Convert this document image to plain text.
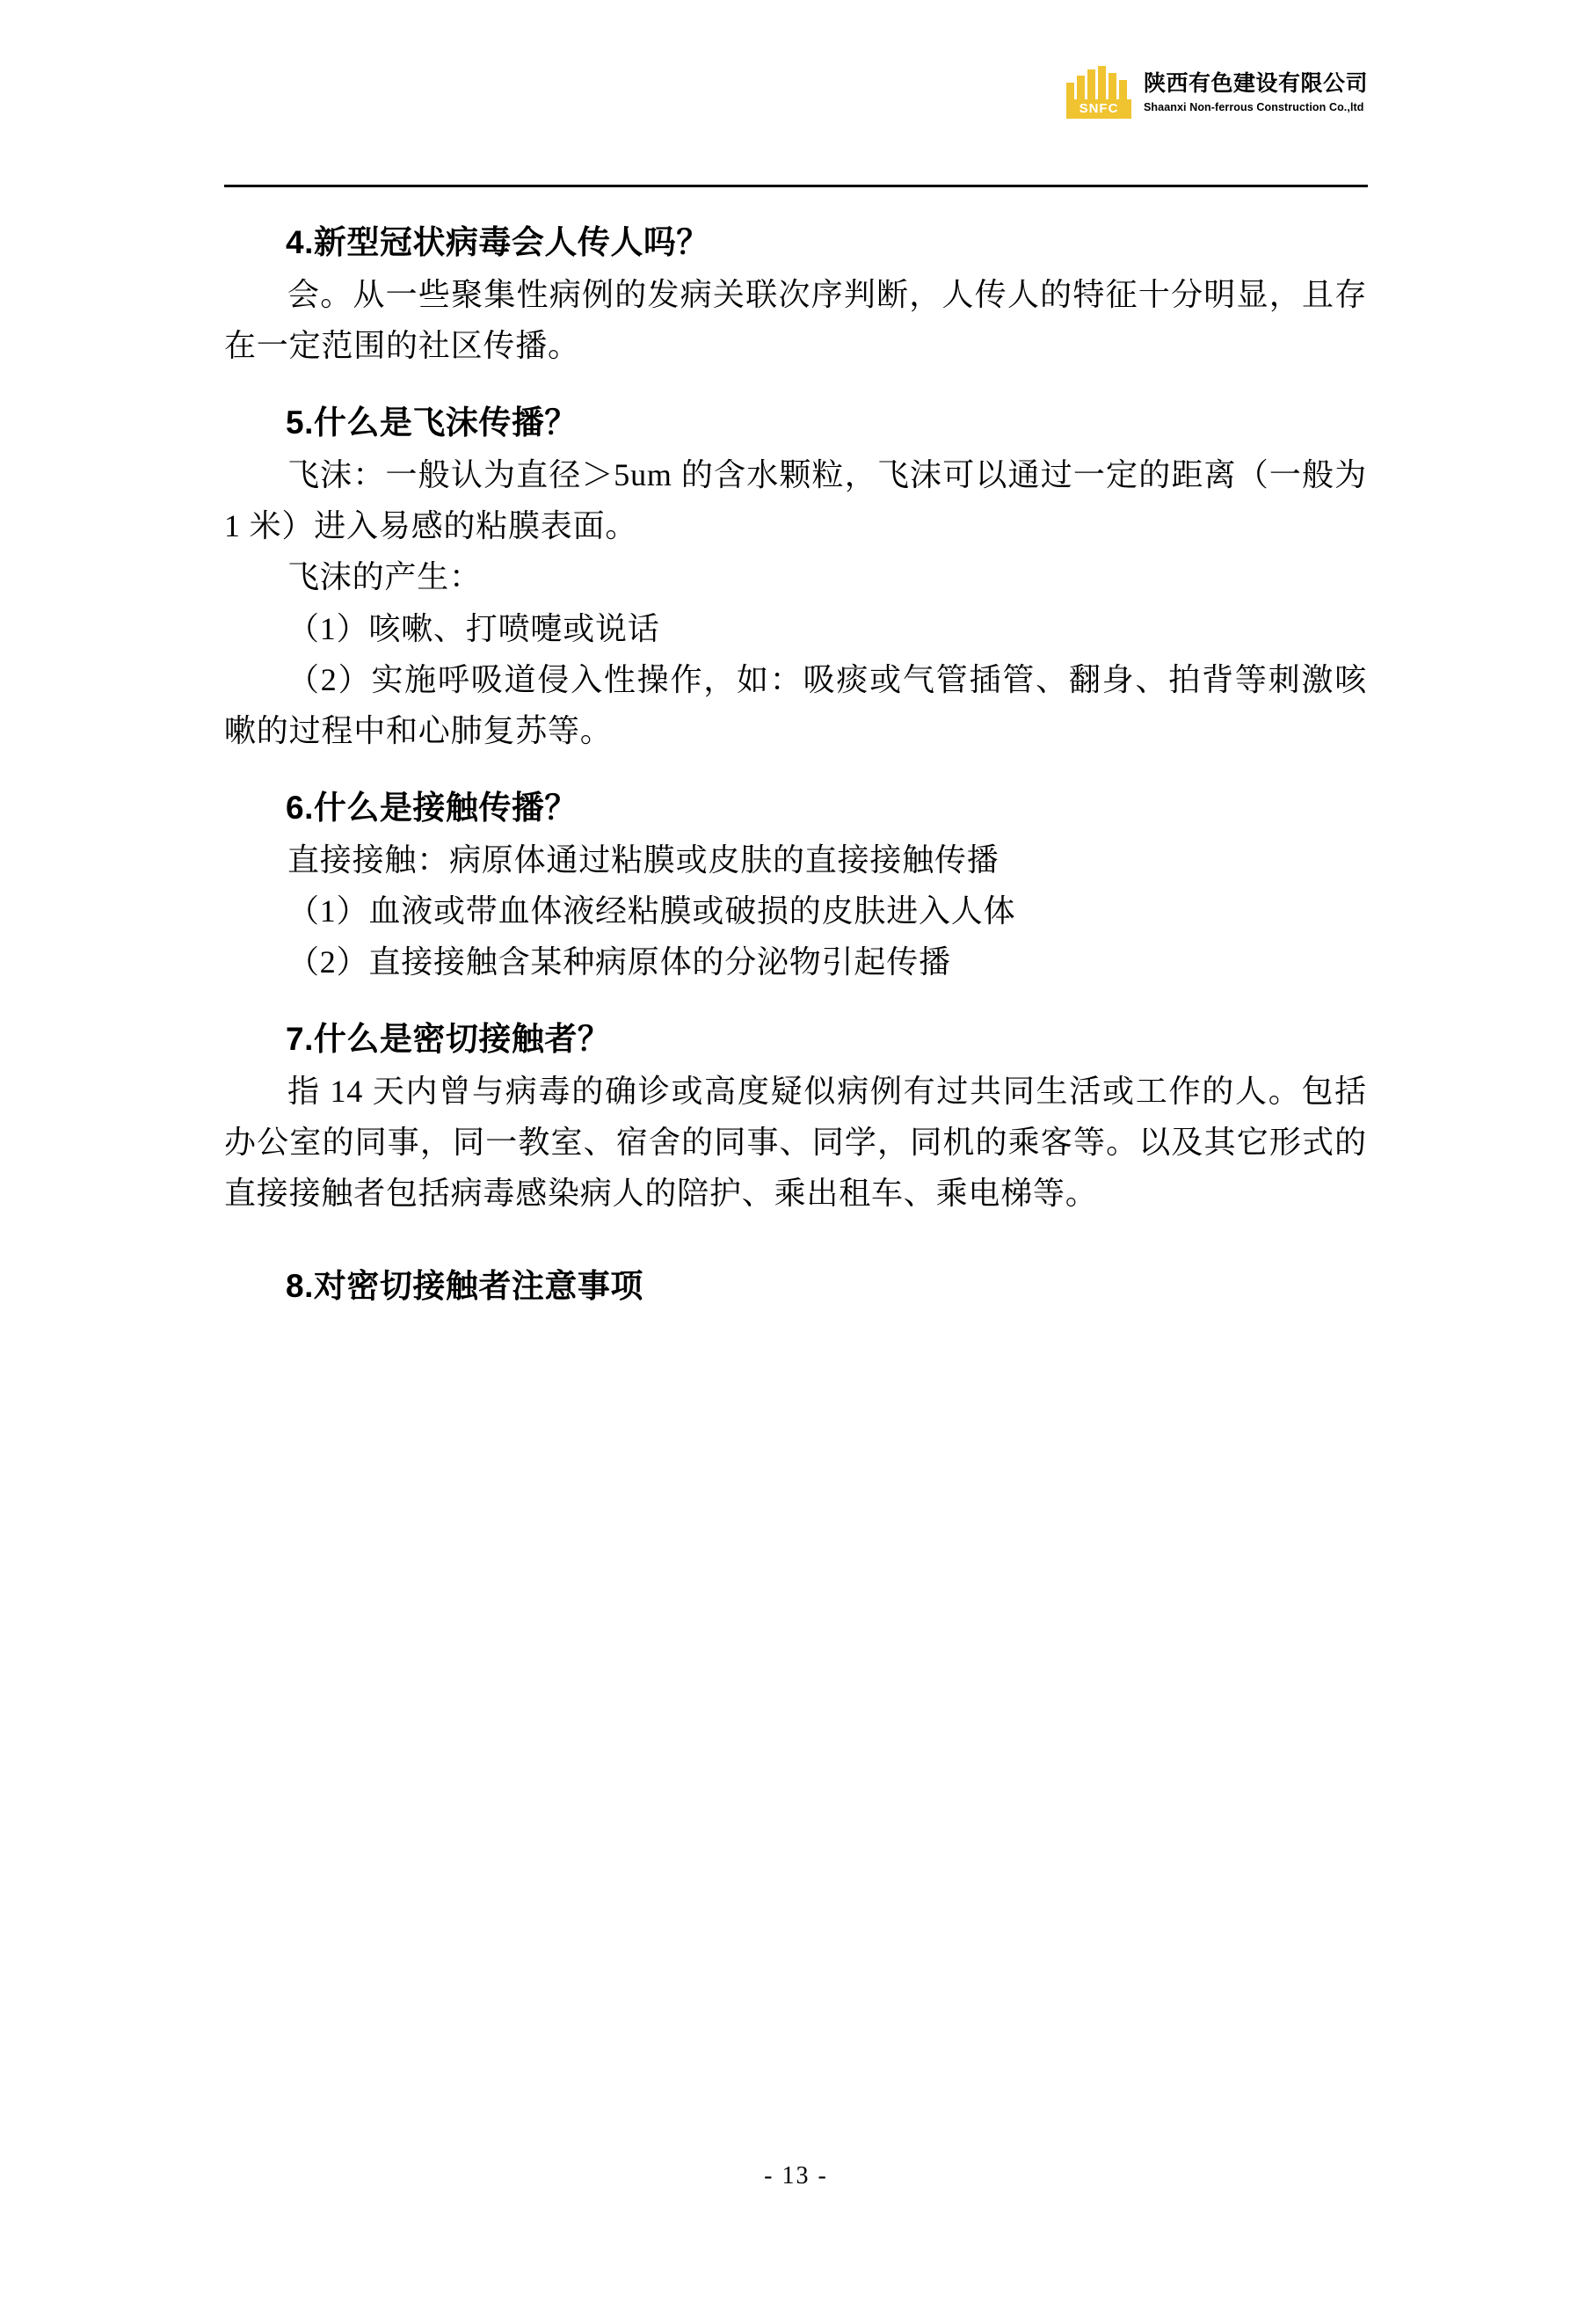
SNFC
陕西有色建设有限公司
Shaanxi Non-ferrous Construction Co.,ltd
4.新型冠状病毒会人传人吗？

会。从一些聚集性病例的发病关联次序判断，人传人的特征十分明显，且存在一定范围的社区传播。

5.什么是飞沫传播？

飞沫：一般认为直径＞5um 的含水颗粒，飞沫可以通过一定的距离（一般为 1 米）进入易感的粘膜表面。

飞沫的产生：

（1）咳嗽、打喷嚏或说话

（2）实施呼吸道侵入性操作，如：吸痰或气管插管、翻身、拍背等刺激咳嗽的过程中和心肺复苏等。

6.什么是接触传播？

直接接触：病原体通过粘膜或皮肤的直接接触传播

（1）血液或带血体液经粘膜或破损的皮肤进入人体

（2）直接接触含某种病原体的分泌物引起传播

7.什么是密切接触者？

指 14 天内曾与病毒的确诊或高度疑似病例有过共同生活或工作的人。包括办公室的同事，同一教室、宿舍的同事、同学，同机的乘客等。以及其它形式的直接接触者包括病毒感染病人的陪护、乘出租车、乘电梯等。

8.对密切接触者注意事项
- 13 -
